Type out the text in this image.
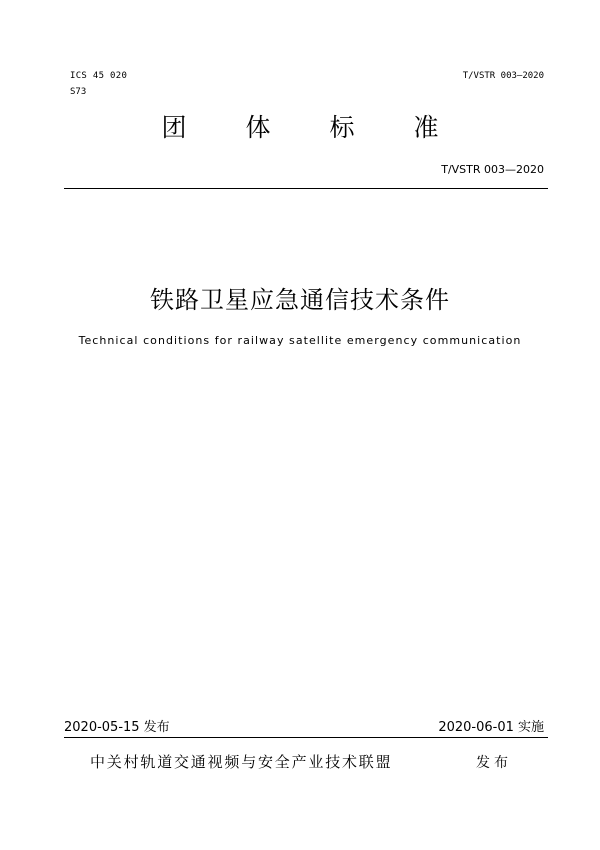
ICS 45 020
S73
T/VSTR 003—2020
团 体 标 准
T/VSTR 003—2020
铁路卫星应急通信技术条件
Technical conditions for railway satellite emergency communication
2020-05-15 发布	2020-06-01 实施
中关村轨道交通视频与安全产业技术联盟	发布
